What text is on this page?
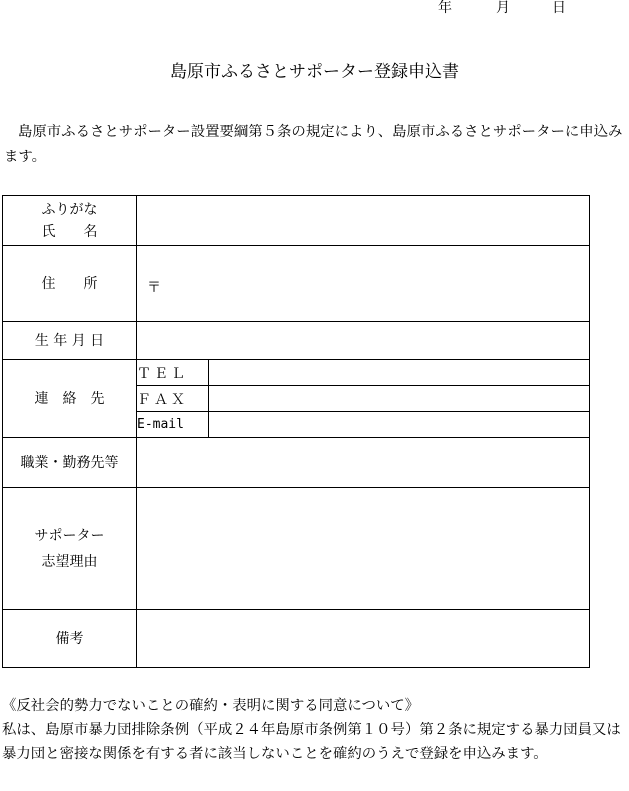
年	月	日
島原市ふるさとサポーター登録申込書
島原市ふるさとサポーター設置要綱第５条の規定により、島原市ふるさとサポーターに申込みます。
ふりがな
氏　　名		

住　　所	〒	

生 年 月 日		
連　絡　先	ＴＥＬ	
	ＦＡＸ	
	E-mail	
職業・勤務先等		

サポーター
志望理由		

備考		

《反社会的勢力でないことの確約・表明に関する同意について》

私は、島原市暴力団排除条例（平成２４年島原市条例第１０号）第２条に規定する暴力団員又は暴力団と密接な関係を有する者に該当しないことを確約のうえで登録を申込みます。
